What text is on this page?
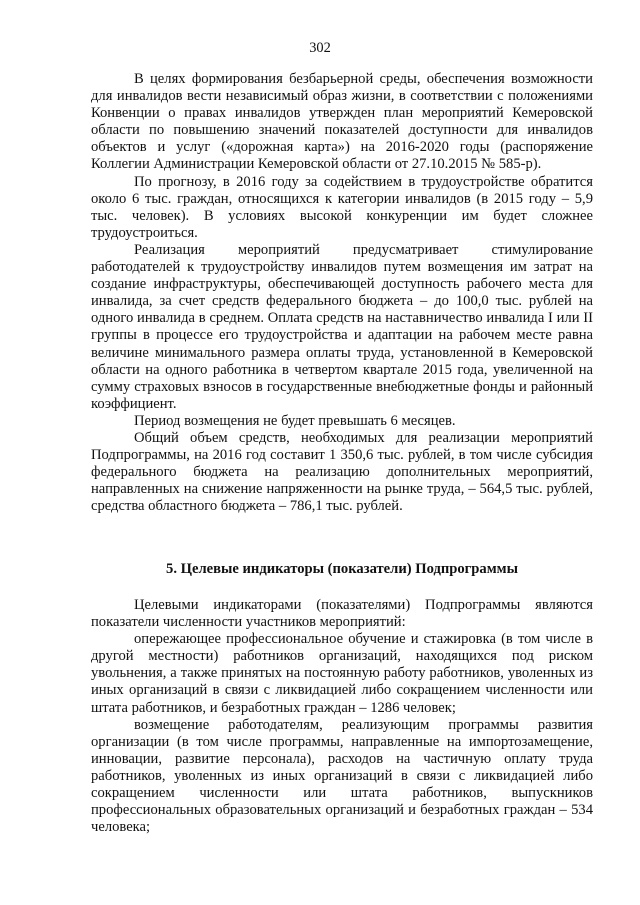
302

В целях формирования безбарьерной среды, обеспечения возможности для инвалидов вести независимый образ жизни, в соответствии с положениями Конвенции о правах инвалидов утвержден план мероприятий Кемеровской области по повышению значений показателей доступности для инвалидов объектов и услуг («дорожная карта») на 2016-2020 годы (распоряжение Коллегии Администрации Кемеровской области от 27.10.2015 № 585-р).

По прогнозу, в 2016 году за содействием в трудоустройстве обратится около 6 тыс. граждан, относящихся к категории инвалидов (в 2015 году – 5,9 тыс. человек). В условиях высокой конкуренции им будет сложнее трудоустроиться.

Реализация мероприятий предусматривает стимулирование работодателей к трудоустройству инвалидов путем возмещения им затрат на создание инфраструктуры, обеспечивающей доступность рабочего места для инвалида, за счет средств федерального бюджета – до 100,0 тыс. рублей на одного инвалида в среднем. Оплата средств на наставничество инвалида I или II группы в процессе его трудоустройства и адаптации на рабочем месте равна величине минимального размера оплаты труда, установленной в Кемеровской области на одного работника в четвертом квартале 2015 года, увеличенной на сумму страховых взносов в государственные внебюджетные фонды и районный коэффициент.

Период возмещения не будет превышать 6 месяцев.

Общий объем средств, необходимых для реализации мероприятий Подпрограммы, на 2016 год составит 1 350,6 тыс. рублей, в том числе субсидия федерального бюджета на реализацию дополнительных мероприятий, направленных на снижение напряженности на рынке труда, – 564,5 тыс. рублей, средства областного бюджета – 786,1 тыс. рублей.

5. Целевые индикаторы (показатели) Подпрограммы

Целевыми индикаторами (показателями) Подпрограммы являются показатели численности участников мероприятий:

опережающее профессиональное обучение и стажировка (в том числе в другой местности) работников организаций, находящихся под риском увольнения, а также принятых на постоянную работу работников, уволенных из иных организаций в связи с ликвидацией либо сокращением численности или штата работников, и безработных граждан – 1286 человек;

возмещение работодателям, реализующим программы развития организации (в том числе программы, направленные на импортозамещение, инновации, развитие персонала), расходов на частичную оплату труда работников, уволенных из иных организаций в связи с ликвидацией либо сокращением численности или штата работников, выпускников профессиональных образовательных организаций и безработных граждан – 534 человека;
